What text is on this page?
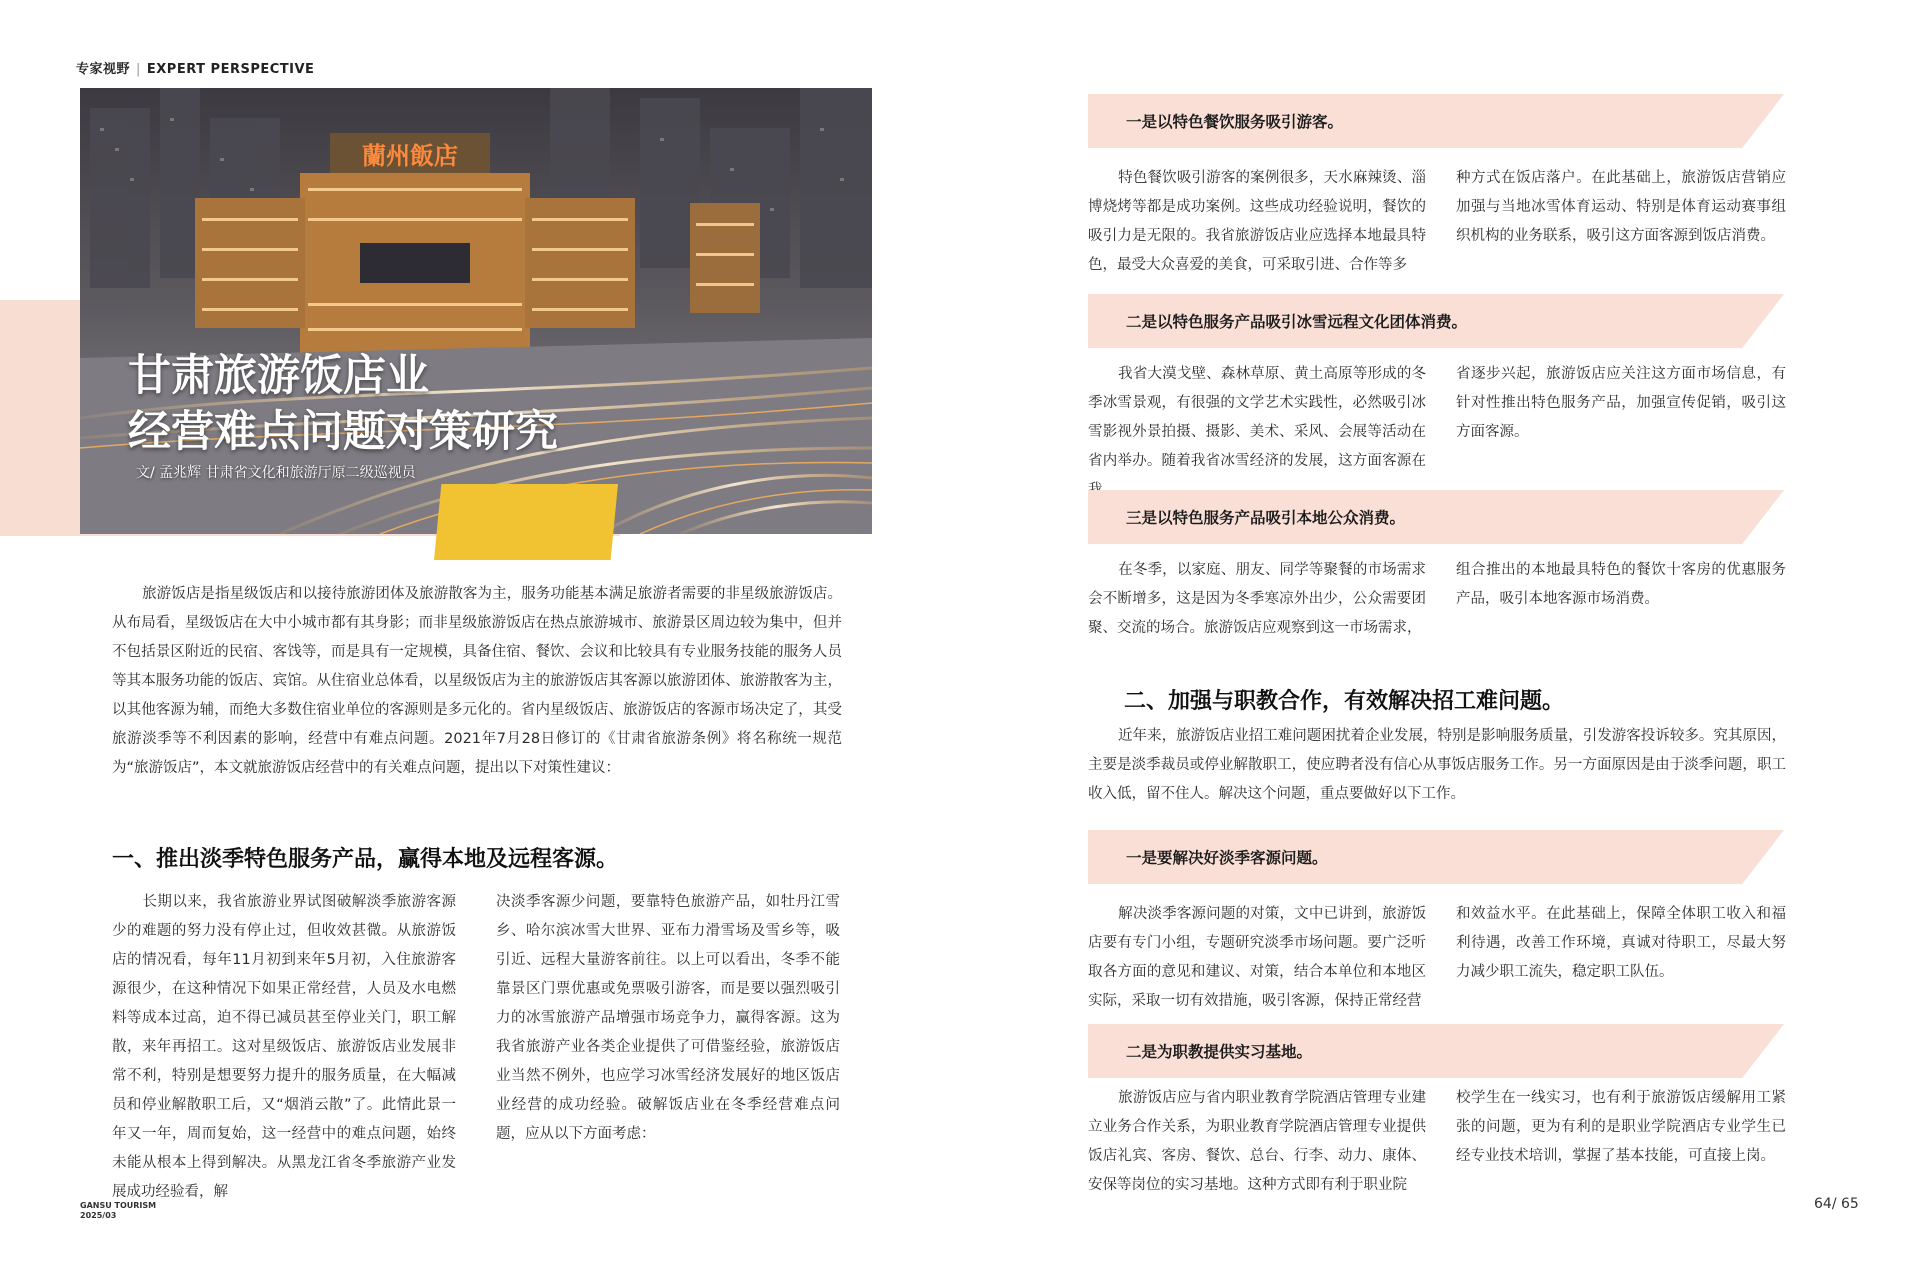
专家视野 | EXPERT PERSPECTIVE
蘭州飯店
甘肃旅游饭店业
经营难点问题对策研究
文/ 孟兆辉 甘肃省文化和旅游厅原二级巡视员
旅游饭店是指星级饭店和以接待旅游团体及旅游散客为主，服务功能基本满足旅游者需要的非星级旅游饭店。从布局看，星级饭店在大中小城市都有其身影；而非星级旅游饭店在热点旅游城市、旅游景区周边较为集中，但并不包括景区附近的民宿、客饯等，而是具有一定规模，具备住宿、餐饮、会议和比较具有专业服务技能的服务人员等其本服务功能的饭店、宾馆。从住宿业总体看，以星级饭店为主的旅游饭店其客源以旅游团体、旅游散客为主，以其他客源为辅，而绝大多数住宿业单位的客源则是多元化的。省内星级饭店、旅游饭店的客源市场决定了，其受旅游淡季等不利因素的影响，经营中有难点问题。2021年7月28日修订的《甘肃省旅游条例》将名称统一规范为“旅游饭店”，本文就旅游饭店经营中的有关难点问题，提出以下对策性建议：
一、推出淡季特色服务产品，赢得本地及远程客源。
长期以来，我省旅游业界试图破解淡季旅游客源少的难题的努力没有停止过，但收效甚微。从旅游饭店的情况看，每年11月初到来年5月初，入住旅游客源很少，在这种情况下如果正常经营，人员及水电燃料等成本过高，迫不得已减员甚至停业关门，职工解散，来年再招工。这对星级饭店、旅游饭店业发展非常不利，特别是想要努力提升的服务质量，在大幅减员和停业解散职工后，又“烟消云散”了。此情此景一年又一年，周而复始，这一经营中的难点问题，始终未能从根本上得到解决。从黑龙江省冬季旅游产业发展成功经验看，解
决淡季客源少问题，要靠特色旅游产品，如牡丹江雪乡、哈尔滨冰雪大世界、亚布力滑雪场及雪乡等，吸引近、远程大量游客前往。以上可以看出，冬季不能靠景区门票优惠或免票吸引游客，而是要以强烈吸引力的冰雪旅游产品增强市场竞争力，赢得客源。这为我省旅游产业各类企业提供了可借鉴经验，旅游饭店业当然不例外，也应学习冰雪经济发展好的地区饭店业经营的成功经验。破解饭店业在冬季经营难点问题，应从以下方面考虑：
一是以特色餐饮服务吸引游客。
特色餐饮吸引游客的案例很多，天水麻辣烫、淄博烧烤等都是成功案例。这些成功经验说明，餐饮的吸引力是无限的。我省旅游饭店业应选择本地最具特色，最受大众喜爱的美食，可采取引进、合作等多
种方式在饭店落户。在此基础上，旅游饭店营销应加强与当地冰雪体育运动、特别是体育运动赛事组织机构的业务联系，吸引这方面客源到饭店消费。
二是以特色服务产品吸引冰雪远程文化团体消费。
我省大漠戈壁、森林草原、黄土高原等形成的冬季冰雪景观，有很强的文学艺术实践性，必然吸引冰雪影视外景拍摄、摄影、美术、采风、会展等活动在省内举办。随着我省冰雪经济的发展，这方面客源在
省逐步兴起，旅游饭店应关注这方面市场信息，有针对性推出特色服务产品，加强宣传促销，吸引这方面客源。
三是以特色服务产品吸引本地公众消费。
在冬季，以家庭、朋友、同学等聚餐的市场需求会不断增多，这是因为冬季寒凉外出少，公众需要团聚、交流的场合。旅游饭店应观察到这一市场需求，
组合推出的本地最具特色的餐饮十客房的优惠服务产品，吸引本地客源市场消费。
二、加强与职教合作，有效解决招工难问题。
近年来，旅游饭店业招工难问题困扰着企业发展，特别是影响服务质量，引发游客投诉较多。究其原因，主要是淡季裁员或停业解散职工，使应聘者没有信心从事饭店服务工作。另一方面原因是由于淡季问题，职工收入低，留不住人。解决这个问题，重点要做好以下工作。
一是要解决好淡季客源问题。
解决淡季客源问题的对策，文中已讲到，旅游饭店要有专门小组，专题研究淡季市场问题。要广泛听取各方面的意见和建议、对策，结合本单位和本地区实际，采取一切有效措施，吸引客源，保持正常经营
和效益水平。在此基础上，保障全体职工收入和福利待遇，改善工作环境，真诚对待职工，尽最大努力减少职工流失，稳定职工队伍。
二是为职教提供实习基地。
旅游饭店应与省内职业教育学院酒店管理专业建立业务合作关系，为职业教育学院酒店管理专业提供饭店礼宾、客房、餐饮、总台、行李、动力、康体、安保等岗位的实习基地。这种方式即有利于职业院
校学生在一线实习，也有利于旅游饭店缓解用工紧张的问题，更为有利的是职业学院酒店专业学生已经专业技术培训，掌握了基本技能，可直接上岗。
GANSU TOURISM
2025/03
64/ 65
